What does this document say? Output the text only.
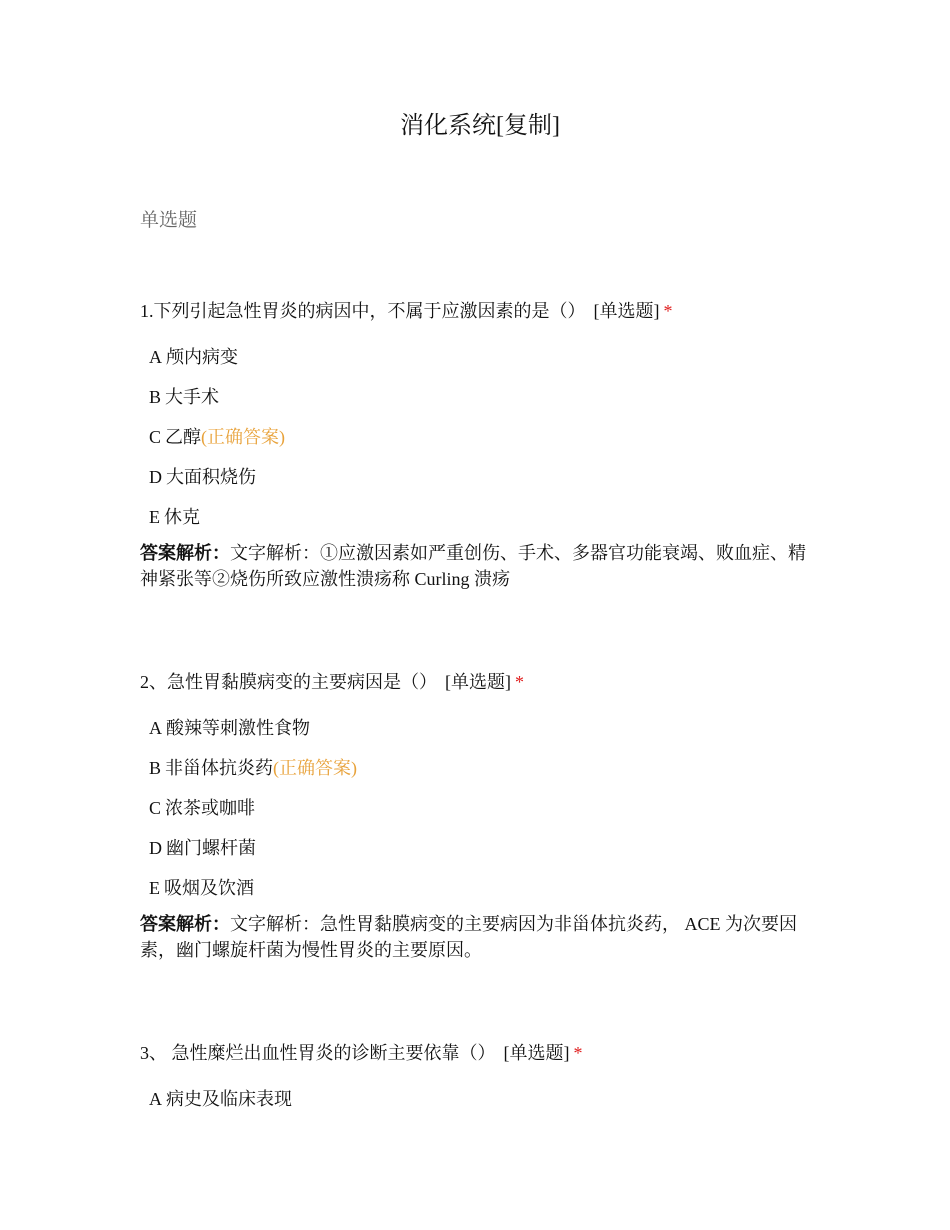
消化系统[复制]
单选题
1.下列引起急性胃炎的病因中，不属于应激因素的是（） [单选题] *
A 颅内病变
B 大手术
C 乙醇(正确答案)
D 大面积烧伤
E 休克
答案解析：文字解析：①应激因素如严重创伤、手术、多器官功能衰竭、败血症、精神紧张等②烧伤所致应激性溃疡称 Curling 溃疡
2、急性胃黏膜病变的主要病因是（） [单选题] *
A 酸辣等刺激性食物
B 非甾体抗炎药(正确答案)
C 浓茶或咖啡
D 幽门螺杆菌
E 吸烟及饮酒
答案解析：文字解析：急性胃黏膜病变的主要病因为非甾体抗炎药， ACE 为次要因素，幽门螺旋杆菌为慢性胃炎的主要原因。
3、 急性糜烂出血性胃炎的诊断主要依靠（） [单选题] *
A 病史及临床表现
